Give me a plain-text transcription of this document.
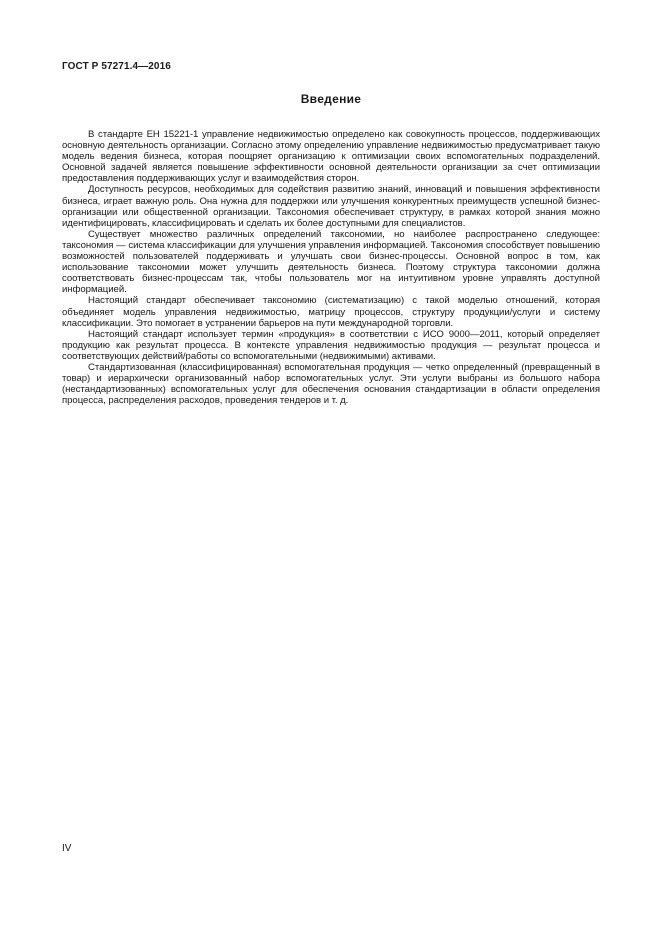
ГОСТ Р 57271.4—2016
Введение

В стандарте ЕН 15221-1 управление недвижимостью определено как совокупность процессов, поддерживающих основную деятельность организации. Согласно этому определению управление недвижимостью предусматривает такую модель ведения бизнеса, которая поощряет организацию к оптимизации своих вспомогательных подразделений. Основной задачей является повышение эффективности основной деятельности организации за счет оптимизации предоставления поддерживающих услуг и взаимодействия сторон.

Доступность ресурсов, необходимых для содействия развитию знаний, инноваций и повышения эффективности бизнеса, играет важную роль. Она нужна для поддержки или улучшения конкурентных преимуществ успешной бизнес-организации или общественной организации. Таксономия обеспечивает структуру, в рамках которой знания можно идентифицировать, классифицировать и сделать их более доступными для специалистов.

Существует множество различных определений таксономии, но наиболее распространено следующее: таксономия — система классификации для улучшения управления информацией. Таксономия способствует повышению возможностей пользователей поддерживать и улучшать свои бизнес-процессы. Основной вопрос в том, как использование таксономии может улучшить деятельность бизнеса. Поэтому структура таксономии должна соответствовать бизнес-процессам так, чтобы пользователь мог на интуитивном уровне управлять доступной информацией.

Настоящий стандарт обеспечивает таксономию (систематизацию) с такой моделью отношений, которая объединяет модель управления недвижимостью, матрицу процессов, структуру продукции/услуги и систему классификации. Это помогает в устранении барьеров на пути международной торговли.

Настоящий стандарт использует термин «продукция» в соответствии с ИСО 9000—2011, который определяет продукцию как результат процесса. В контексте управления недвижимостью продукция — результат процесса и соответствующих действий/работы со вспомогательными (недвижимыми) активами.

Стандартизованная (классифицированная) вспомогательная продукция — четко определенный (превращенный в товар) и иерархически организованный набор вспомогательных услуг. Эти услуги выбраны из большого набора (нестандартизованных) вспомогательных услуг для обеспечения основания стандартизации в области определения процесса, распределения расходов, проведения тендеров и т. д.

IV
